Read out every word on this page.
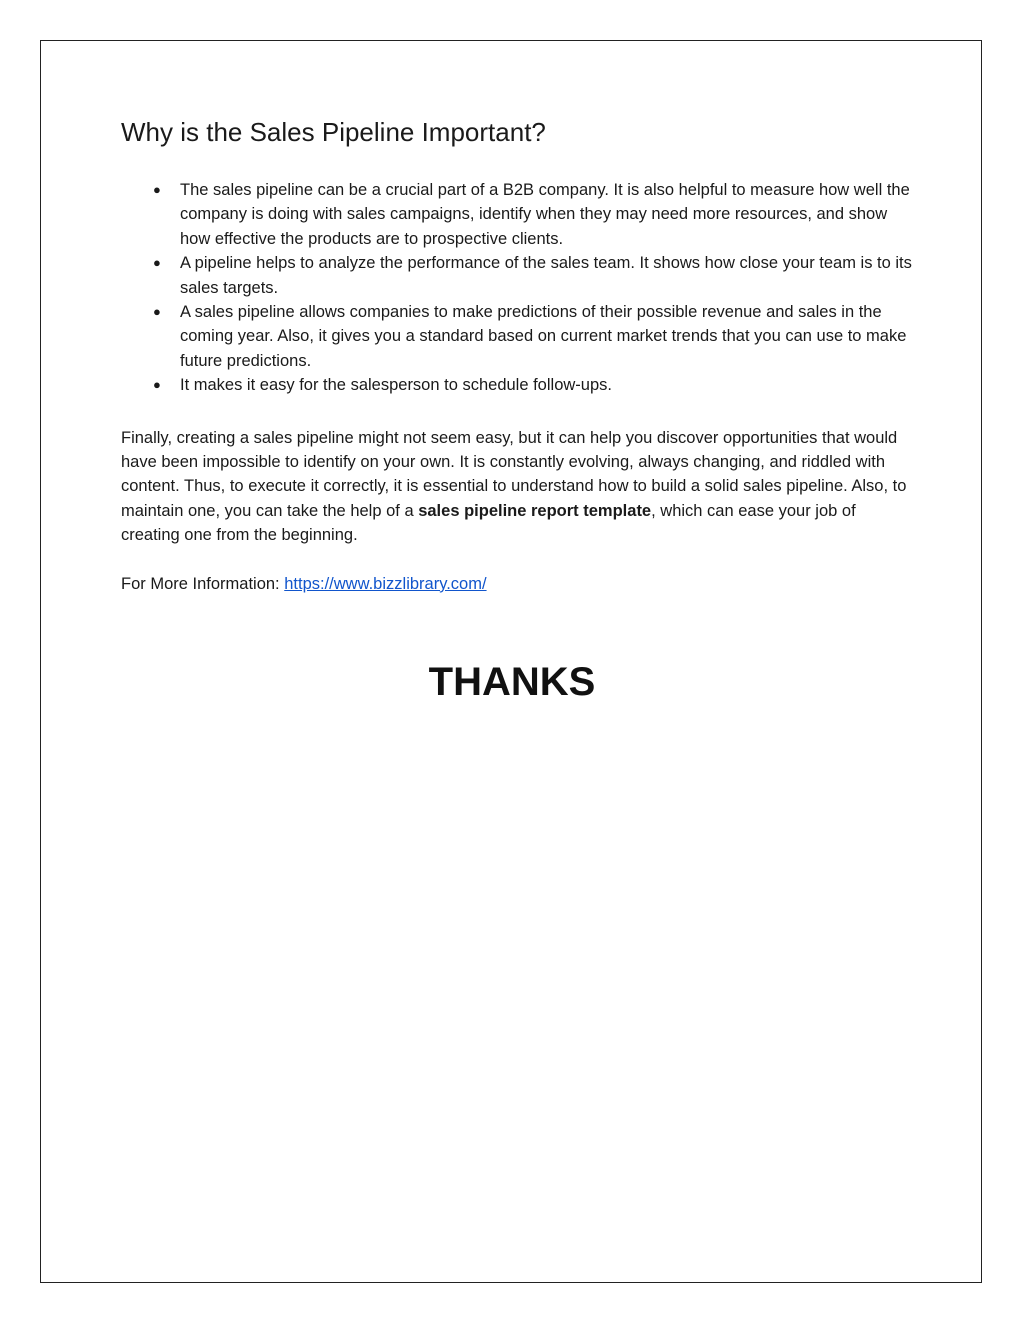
Why is the Sales Pipeline Important?
● The sales pipeline can be a crucial part of a B2B company. It is also helpful to measure how well the company is doing with sales campaigns, identify when they may need more resources, and show how effective the products are to prospective clients.
● A pipeline helps to analyze the performance of the sales team. It shows how close your team is to its sales targets.
● A sales pipeline allows companies to make predictions of their possible revenue and sales in the coming year. Also, it gives you a standard based on current market trends that you can use to make future predictions.
● It makes it easy for the salesperson to schedule follow-ups.

Finally, creating a sales pipeline might not seem easy, but it can help you discover opportunities that would have been impossible to identify on your own. It is constantly evolving, always changing, and riddled with content. Thus, to execute it correctly, it is essential to understand how to build a solid sales pipeline. Also, to maintain one, you can take the help of a sales pipeline report template, which can ease your job of creating one from the beginning.

For More Information: https://www.bizzlibrary.com/

THANKS
